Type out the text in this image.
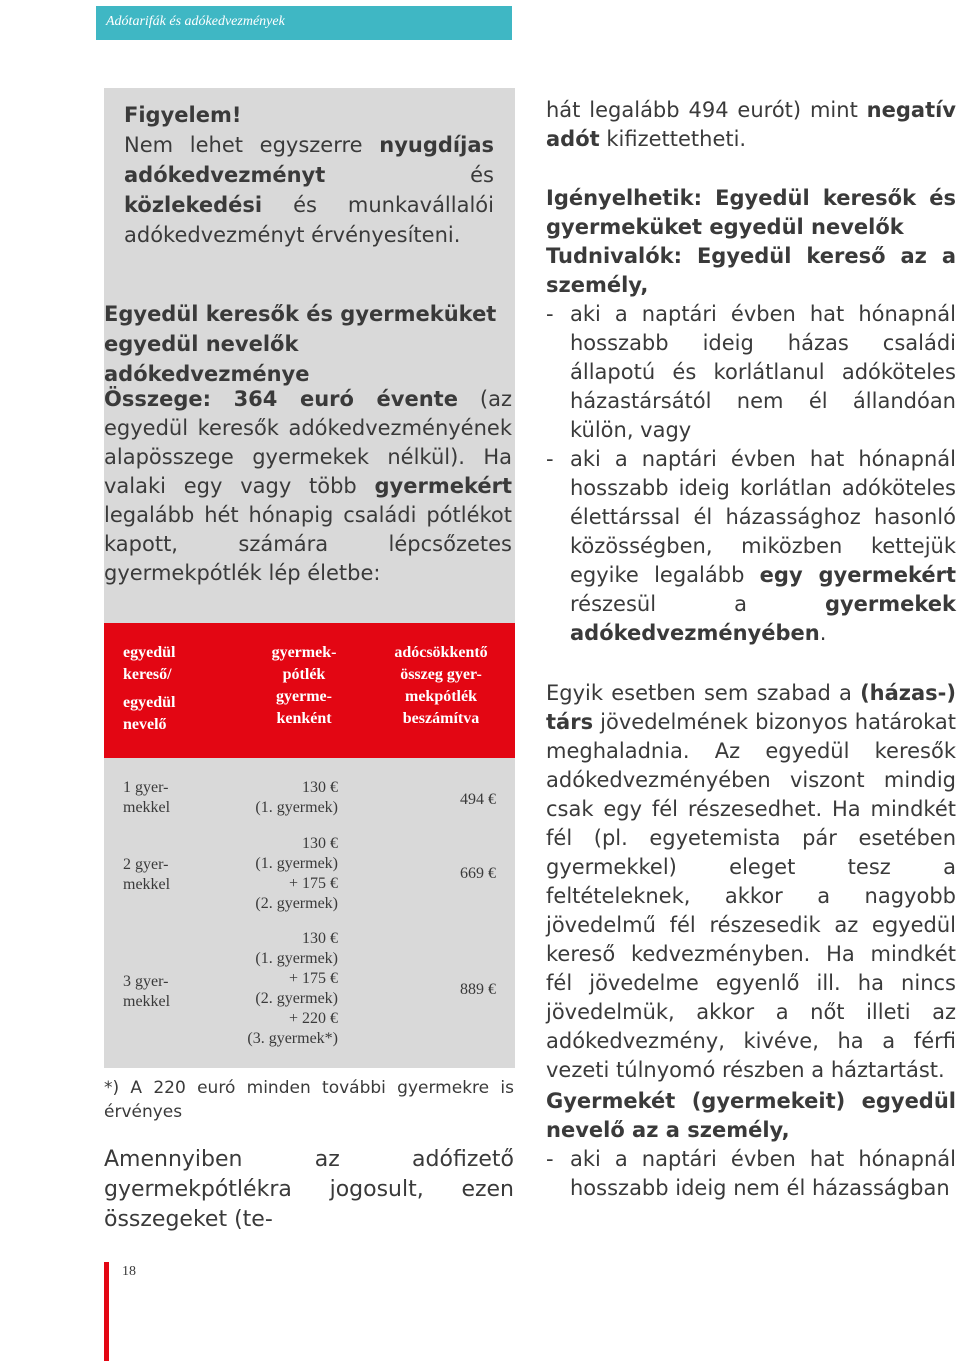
Adótarifák és adókedvezmények
Figyelem!
Nem lehet egyszerre nyugdíjas adókedvezményt és közlekedési és munkavállalói adókedvezményt érvényesíteni.
Egyedül keresők és gyermeküket egyedül nevelők adókedvezménye
Összege: 364 euró évente (az egyedül keresők adókedvezményének alapösszege gyermekek nélkül). Ha valaki egy vagy több gyermekért legalább hét hónapig családi pótlékot kapott, számára lépcsőzetes gyermekpótlék lép életbe:
egyedül
kereső/
egyedül
nevelő
gyermek-
pótlék
gyerme-
kenként
adócsökkentő
összeg gyer-
mekpótlék
beszámítva
1 gyer-
mekkel
130 €
(1. gyermek)	494 €
2 gyer-
mekkel
130 €
(1. gyermek)
+ 175 €
(2. gyermek)
669 €
3 gyer-
mekkel
130 €
(1. gyermek)
+ 175 €
(2. gyermek)
+ 220 €
(3. gyermek*)
889 €
*) A 220 euró minden további gyermekre is érvényes
Amennyiben az adófizető gyermekpótlékra jogosult, ezen összegeket (te-
18
hát legalább 494 eurót) mint negatív adót kifizettetheti.
Igényelhetik: Egyedül keresők és gyermeküket egyedül nevelők
Tudnivalók: Egyedül kereső az a személy,
- aki a naptári évben hat hónapnál hosszabb ideig házas családi állapotú és korlátlanul adóköteles házastársától nem él állandóan külön, vagy
- aki a naptári évben hat hónapnál hosszabb ideig korlátlan adóköteles élettárssal él házassághoz hasonló közösségben, miközben kettejük egyike legalább egy gyermekért részesül a gyermekek adókedvezményében.
Egyik esetben sem szabad a (házas-) társ jövedelmének bizonyos határokat meghaladnia. Az egyedül keresők adókedvezményében viszont mindig csak egy fél részesedhet. Ha mindkét fél (pl. egyetemista pár esetében gyermekkel) eleget tesz a feltételeknek, akkor a nagyobb jövedelmű fél részesedik az egyedül kereső kedvezményben. Ha mindkét fél jövedelme egyenlő ill. ha nincs jövedelmük, akkor a nőt illeti az adókedvezmény, kivéve, ha a férfi vezeti túlnyomó részben a háztartást.
Gyermekét (gyermekeit) egyedül nevelő az a személy,
- aki a naptári évben hat hónapnál hosszabb ideig nem él házasságban
